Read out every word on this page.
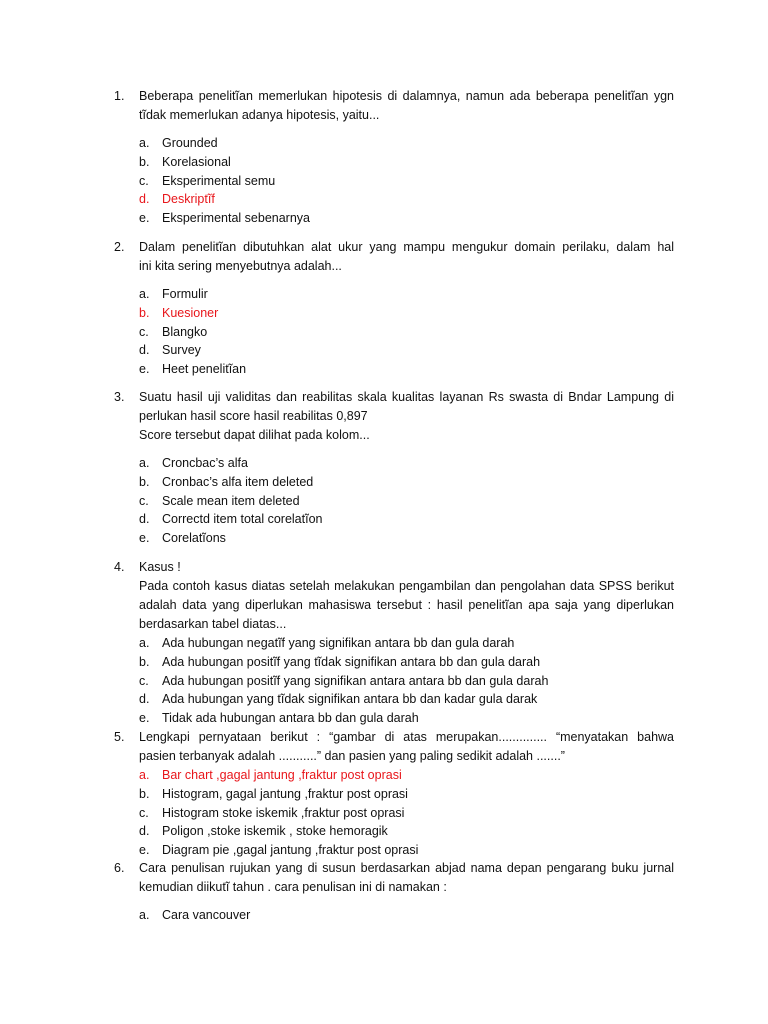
1.	Beberapa penelitĩan memerlukan hipotesis di dalamnya, namun ada beberapa penelitĩan ygn
tĩdak memerlukan adanya hipotesis, yaitu...
a.	Grounded
b.	Korelasional
c.	Eksperimental semu
d.	Deskriptĩf
e.	Eksperimental sebenarnya
2.	Dalam penelitĩan dibutuhkan alat ukur yang mampu mengukur domain perilaku, dalam hal
ini kita sering menyebutnya adalah...
a.	Formulir
b.	Kuesioner
c.	Blangko
d.	Survey
e.	Heet penelitĩan
3.	Suatu hasil uji validitas dan reabilitas skala kualitas layanan Rs swasta di Bndar Lampung di
perlukan hasil score hasil reabilitas 0,897
Score tersebut dapat dilihat pada kolom...
a.	Croncbac’s alfa
b.	Cronbac’s alfa item deleted
c.	Scale mean item deleted
d.	Correctd item total corelatĩon
e.	Corelatĩons
4.	Kasus !
Pada contoh kasus diatas setelah melakukan pengambilan dan pengolahan data SPSS berikut
adalah data yang diperlukan mahasiswa tersebut : hasil penelitĩan apa saja yang diperlukan
berdasarkan tabel diatas...
a.	Ada hubungan negatĩf yang signifikan antara bb dan gula darah
b.	Ada hubungan positĩf yang tĩdak signifikan antara bb dan gula darah
c.	Ada hubungan positĩf yang signifikan antara antara bb dan gula darah
d.	Ada hubungan yang tĩdak signifikan antara bb dan kadar gula darak
e.	Tidak ada hubungan antara bb dan gula darah
5.	Lengkapi pernyataan berikut : “gambar di atas merupakan.............. “menyatakan bahwa
pasien terbanyak adalah ...........” dan pasien yang paling sedikit adalah .......”
a.	Bar chart ,gagal jantung ,fraktur post oprasi
b.	Histogram, gagal jantung ,fraktur post oprasi
c.	Histogram stoke iskemik ,fraktur post oprasi
d.	Poligon ,stoke iskemik , stoke hemoragik
e.	Diagram pie ,gagal jantung ,fraktur post oprasi
6.	Cara penulisan rujukan yang di susun berdasarkan abjad nama depan pengarang buku jurnal
kemudian diikutĩ tahun . cara penulisan ini di namakan :
a.	Cara vancouver
